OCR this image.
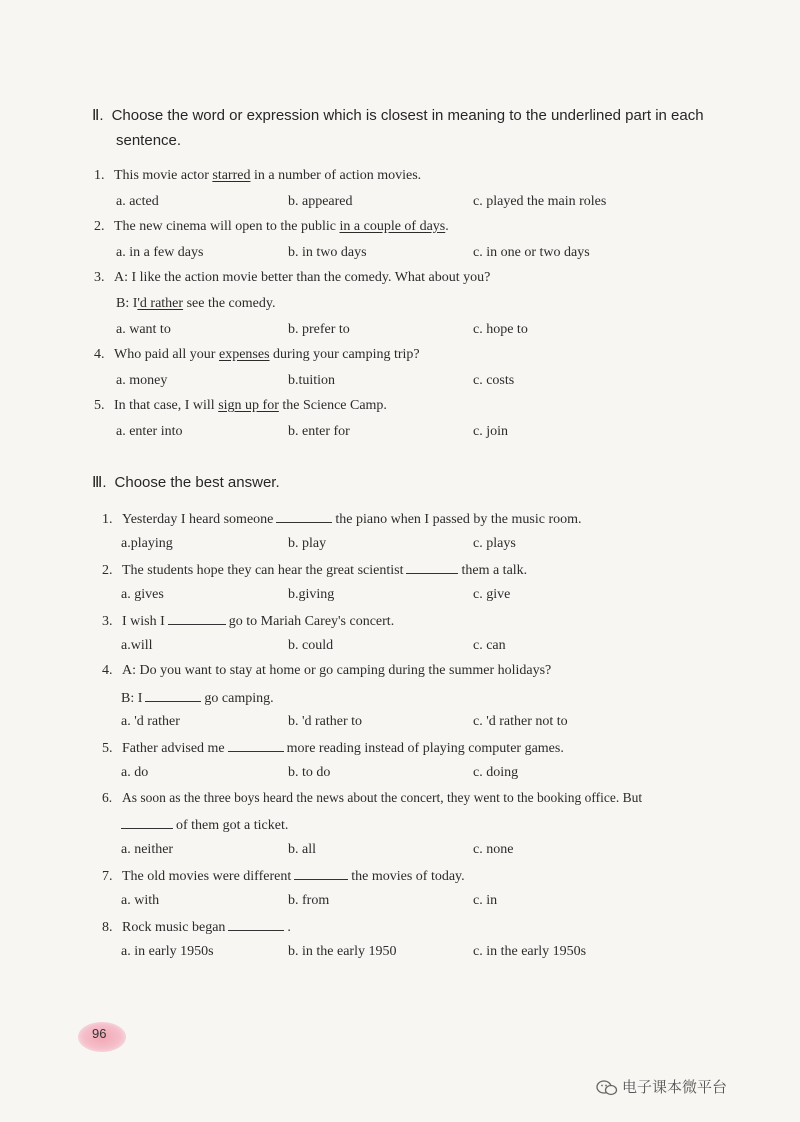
Ⅱ. Choose the word or expression which is closest in meaning to the underlined part in each
sentence.
1. This movie actor starred in a number of action movies.
a. acted	b. appeared	c. played the main roles
2. The new cinema will open to the public in a couple of days.
a. in a few days	b. in two days	c. in one or two days
3. A: I like the action movie better than the comedy. What about you?
B: I'd rather see the comedy.
a. want to	b. prefer to	c. hope to
4. Who paid all your expenses during your camping trip?
a. money	b.tuition	c. costs
5. In that case, I will sign up for the Science Camp.
a. enter into	b. enter for	c. join
Ⅲ. Choose the best answer.
1. Yesterday I heard someone	the piano when I passed by the music room.
a.playing	b. play	c. plays
2. The students hope they can hear the great scientist	them a talk.
a. gives	b.giving	c. give
3. I wish I	go to Mariah Carey's concert.
a.will	b. could	c. can
4. A: Do you want to stay at home or go camping during the summer holidays?
B: I	go camping.
a. 'd rather	b. 'd rather to	c. 'd rather not to
5. Father advised me	more reading instead of playing computer games.
a. do	b. to do	c. doing
6. As soon as the three boys heard the news about the concert, they went to the booking office. But
of them got a ticket.
a. neither	b. all	c. none
7. The old movies were different	the movies of today.
a. with	b. from	c. in
8. Rock music began	.
a. in early 1950s	b. in the early 1950	c. in the early 1950s
96
电子课本微平台
